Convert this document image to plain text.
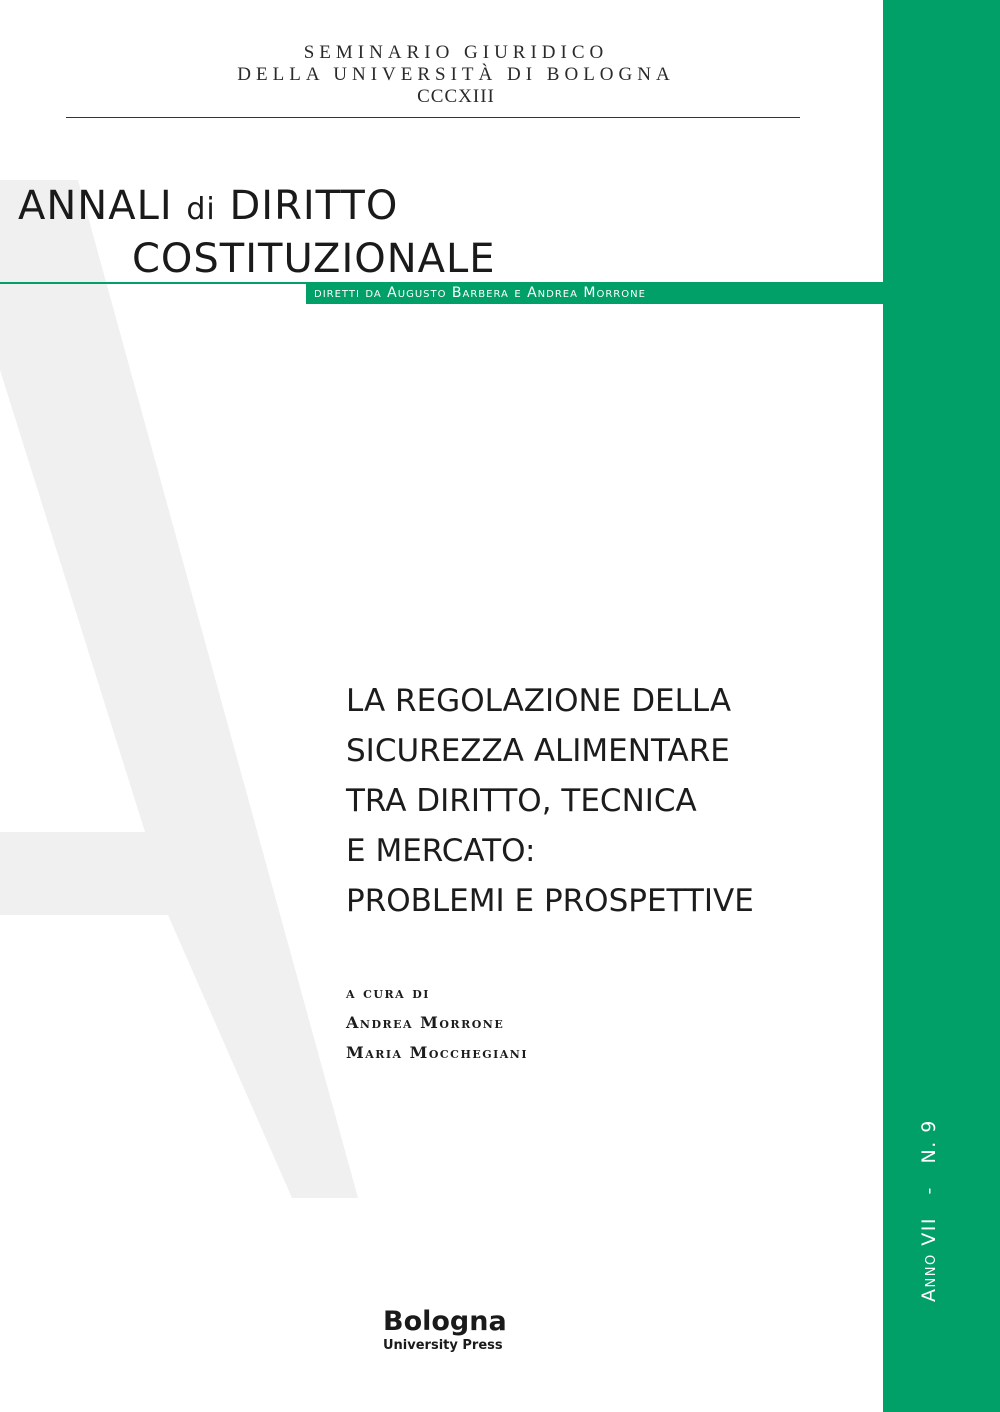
SEMINARIO GIURIDICO
DELLA UNIVERSITÀ DI BOLOGNA
CCCXIII
ANNALI di DIRITTO
COSTITUZIONALE
diretti da Augusto Barbera e Andrea Morrone
LA REGOLAZIONE DELLA
SICUREZZA ALIMENTARE
TRA DIRITTO, TECNICA
E MERCATO:
PROBLEMI E PROSPETTIVE
a cura di
Andrea Morrone
Maria Mocchegiani
Anno VII   -   N. 9
Bologna
University Press
